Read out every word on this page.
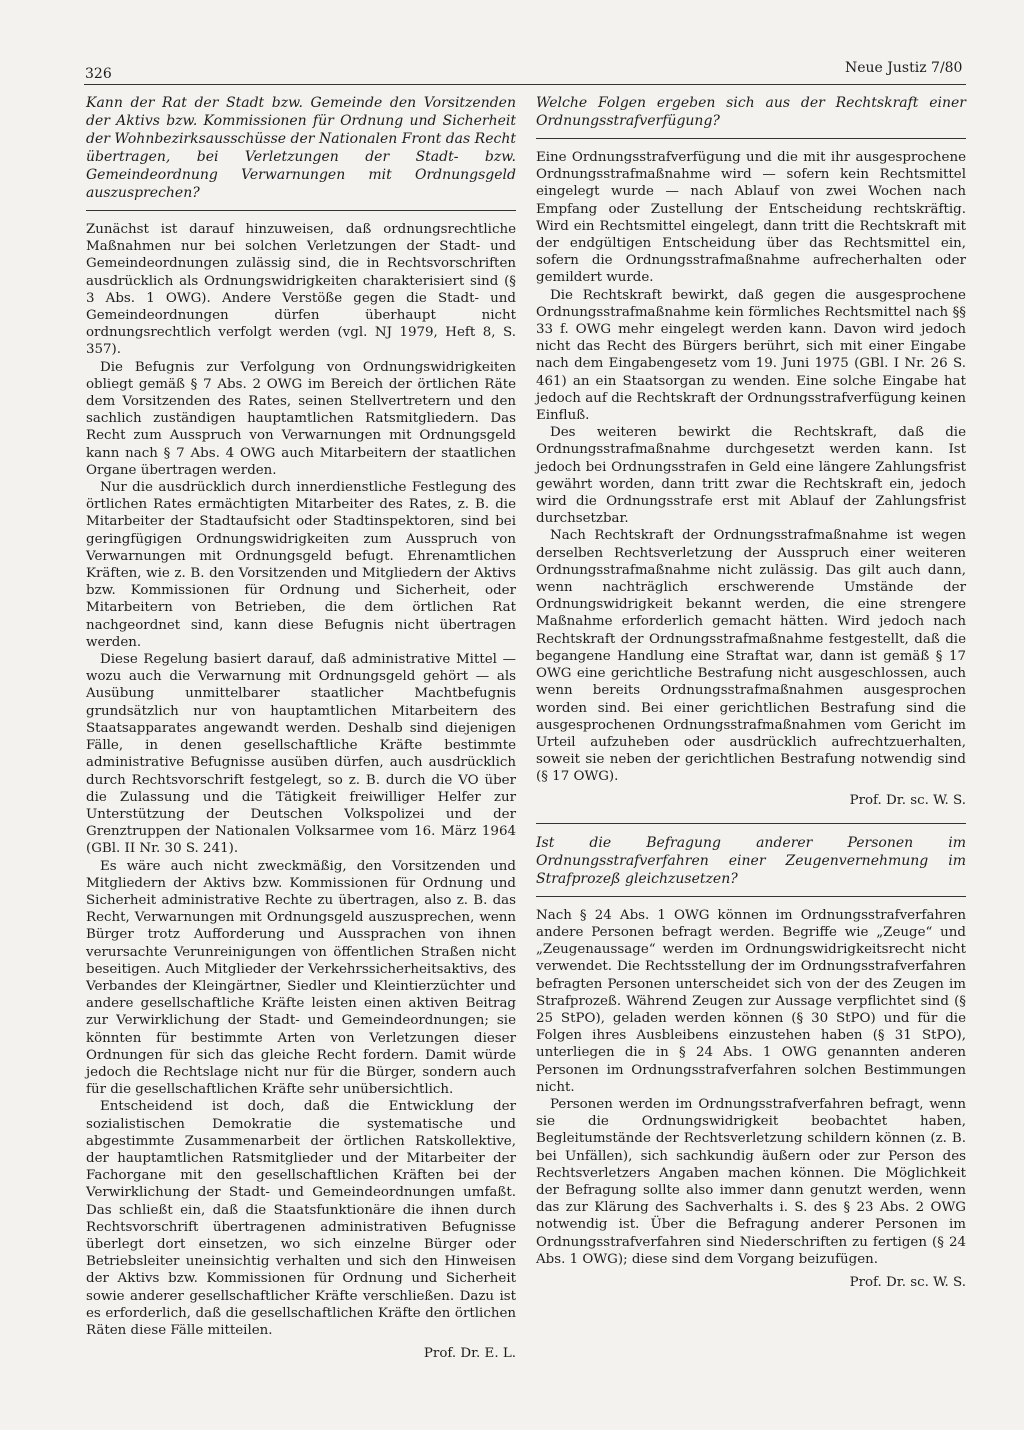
326	Neue Justiz 7/80

Kann der Rat der Stadt bzw. Gemeinde den Vorsitzenden der Aktivs bzw. Kommissionen für Ordnung und Sicherheit der Wohnbezirksausschüsse der Nationalen Front das Recht übertragen, bei Verletzungen der Stadt- bzw. Gemeindeordnung Verwarnungen mit Ordnungsgeld auszusprechen?

Zunächst ist darauf hinzuweisen, daß ordnungsrechtliche Maßnahmen nur bei solchen Verletzungen der Stadt- und Gemeindeordnungen zulässig sind, die in Rechtsvorschriften ausdrücklich als Ordnungswidrigkeiten charakterisiert sind (§ 3 Abs. 1 OWG). Andere Verstöße gegen die Stadt- und Gemeindeordnungen dürfen überhaupt nicht ordnungsrechtlich verfolgt werden (vgl. NJ 1979, Heft 8, S. 357).

Die Befugnis zur Verfolgung von Ordnungswidrigkeiten obliegt gemäß § 7 Abs. 2 OWG im Bereich der örtlichen Räte dem Vorsitzenden des Rates, seinen Stellvertretern und den sachlich zuständigen hauptamtlichen Ratsmitgliedern. Das Recht zum Ausspruch von Verwarnungen mit Ordnungsgeld kann nach § 7 Abs. 4 OWG auch Mitarbeitern der staatlichen Organe übertragen werden.

Nur die ausdrücklich durch innerdienstliche Festlegung des örtlichen Rates ermächtigten Mitarbeiter des Rates, z. B. die Mitarbeiter der Stadtaufsicht oder Stadtinspektoren, sind bei geringfügigen Ordnungswidrigkeiten zum Ausspruch von Verwarnungen mit Ordnungsgeld befugt. Ehrenamtlichen Kräften, wie z. B. den Vorsitzenden und Mitgliedern der Aktivs bzw. Kommissionen für Ordnung und Sicherheit, oder Mitarbeitern von Betrieben, die dem örtlichen Rat nachgeordnet sind, kann diese Befugnis nicht übertragen werden.

Diese Regelung basiert darauf, daß administrative Mittel — wozu auch die Verwarnung mit Ordnungsgeld gehört — als Ausübung unmittelbarer staatlicher Machtbefugnis grundsätzlich nur von hauptamtlichen Mitarbeitern des Staatsapparates angewandt werden. Deshalb sind diejenigen Fälle, in denen gesellschaftliche Kräfte bestimmte administrative Befugnisse ausüben dürfen, auch ausdrücklich durch Rechtsvorschrift festgelegt, so z. B. durch die VO über die Zulassung und die Tätigkeit freiwilliger Helfer zur Unterstützung der Deutschen Volkspolizei und der Grenztruppen der Nationalen Volksarmee vom 16. März 1964 (GBl. II Nr. 30 S. 241).

Es wäre auch nicht zweckmäßig, den Vorsitzenden und Mitgliedern der Aktivs bzw. Kommissionen für Ordnung und Sicherheit administrative Rechte zu übertragen, also z. B. das Recht, Verwarnungen mit Ordnungsgeld auszusprechen, wenn Bürger trotz Aufforderung und Aussprachen von ihnen verursachte Verunreinigungen von öffentlichen Straßen nicht beseitigen. Auch Mitglieder der Verkehrssicherheitsaktivs, des Verbandes der Kleingärtner, Siedler und Kleintierzüchter und andere gesellschaftliche Kräfte leisten einen aktiven Beitrag zur Verwirklichung der Stadt- und Gemeindeordnungen; sie könnten für bestimmte Arten von Verletzungen dieser Ordnungen für sich das gleiche Recht fordern. Damit würde jedoch die Rechtslage nicht nur für die Bürger, sondern auch für die gesellschaftlichen Kräfte sehr unübersichtlich.

Entscheidend ist doch, daß die Entwicklung der sozialistischen Demokratie die systematische und abgestimmte Zusammenarbeit der örtlichen Ratskollektive, der hauptamtlichen Ratsmitglieder und der Mitarbeiter der Fachorgane mit den gesellschaftlichen Kräften bei der Verwirklichung der Stadt- und Gemeindeordnungen umfaßt. Das schließt ein, daß die Staatsfunktionäre die ihnen durch Rechtsvorschrift übertragenen administrativen Befugnisse überlegt dort einsetzen, wo sich einzelne Bürger oder Betriebsleiter uneinsichtig verhalten und sich den Hinweisen der Aktivs bzw. Kommissionen für Ordnung und Sicherheit sowie anderer gesellschaftlicher Kräfte verschließen. Dazu ist es erforderlich, daß die gesellschaftlichen Kräfte den örtlichen Räten diese Fälle mitteilen.

Prof. Dr. E. L.

Welche Folgen ergeben sich aus der Rechtskraft einer Ordnungsstrafverfügung?

Eine Ordnungsstrafverfügung und die mit ihr ausgesprochene Ordnungsstrafmaßnahme wird — sofern kein Rechtsmittel eingelegt wurde — nach Ablauf von zwei Wochen nach Empfang oder Zustellung der Entscheidung rechtskräftig. Wird ein Rechtsmittel eingelegt, dann tritt die Rechtskraft mit der endgültigen Entscheidung über das Rechtsmittel ein, sofern die Ordnungsstrafmaßnahme aufrecherhalten oder gemildert wurde.

Die Rechtskraft bewirkt, daß gegen die ausgesprochene Ordnungsstrafmaßnahme kein förmliches Rechtsmittel nach §§ 33 f. OWG mehr eingelegt werden kann. Davon wird jedoch nicht das Recht des Bürgers berührt, sich mit einer Eingabe nach dem Eingabengesetz vom 19. Juni 1975 (GBl. I Nr. 26 S. 461) an ein Staatsorgan zu wenden. Eine solche Eingabe hat jedoch auf die Rechtskraft der Ordnungsstrafverfügung keinen Einfluß.

Des weiteren bewirkt die Rechtskraft, daß die Ordnungsstrafmaßnahme durchgesetzt werden kann. Ist jedoch bei Ordnungsstrafen in Geld eine längere Zahlungsfrist gewährt worden, dann tritt zwar die Rechtskraft ein, jedoch wird die Ordnungsstrafe erst mit Ablauf der Zahlungsfrist durchsetzbar.

Nach Rechtskraft der Ordnungsstrafmaßnahme ist wegen derselben Rechtsverletzung der Ausspruch einer weiteren Ordnungsstrafmaßnahme nicht zulässig. Das gilt auch dann, wenn nachträglich erschwerende Umstände der Ordnungswidrigkeit bekannt werden, die eine strengere Maßnahme erforderlich gemacht hätten. Wird jedoch nach Rechtskraft der Ordnungsstrafmaßnahme festgestellt, daß die begangene Handlung eine Straftat war, dann ist gemäß § 17 OWG eine gerichtliche Bestrafung nicht ausgeschlossen, auch wenn bereits Ordnungsstrafmaßnahmen ausgesprochen worden sind. Bei einer gerichtlichen Bestrafung sind die ausgesprochenen Ordnungsstrafmaßnahmen vom Gericht im Urteil aufzuheben oder ausdrücklich aufrechtzuerhalten, soweit sie neben der gerichtlichen Bestrafung notwendig sind (§ 17 OWG).

Prof. Dr. sc. W. S.

Ist die Befragung anderer Personen im Ordnungsstrafverfahren einer Zeugenvernehmung im Strafprozeß gleichzusetzen?

Nach § 24 Abs. 1 OWG können im Ordnungsstrafverfahren andere Personen befragt werden. Begriffe wie „Zeuge“ und „Zeugenaussage“ werden im Ordnungswidrigkeitsrecht nicht verwendet. Die Rechtsstellung der im Ordnungsstrafverfahren befragten Personen unterscheidet sich von der des Zeugen im Strafprozeß. Während Zeugen zur Aussage verpflichtet sind (§ 25 StPO), geladen werden können (§ 30 StPO) und für die Folgen ihres Ausbleibens einzustehen haben (§ 31 StPO), unterliegen die in § 24 Abs. 1 OWG genannten anderen Personen im Ordnungsstrafverfahren solchen Bestimmungen nicht.

Personen werden im Ordnungsstrafverfahren befragt, wenn sie die Ordnungswidrigkeit beobachtet haben, Begleitumstände der Rechtsverletzung schildern können (z. B. bei Unfällen), sich sachkundig äußern oder zur Person des Rechtsverletzers Angaben machen können. Die Möglichkeit der Befragung sollte also immer dann genutzt werden, wenn das zur Klärung des Sachverhalts i. S. des § 23 Abs. 2 OWG notwendig ist. Über die Befragung anderer Personen im Ordnungsstrafverfahren sind Niederschriften zu fertigen (§ 24 Abs. 1 OWG); diese sind dem Vorgang beizufügen.

Prof. Dr. sc. W. S.
